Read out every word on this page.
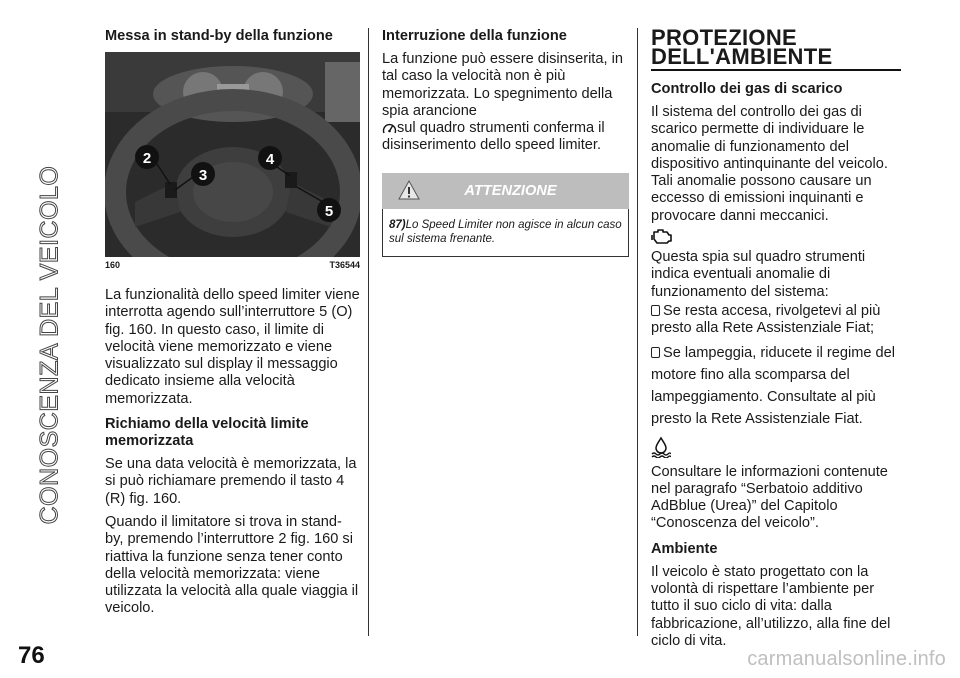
CONOSCENZA DEL VEICOLO
Messa in stand-by della funzione
2
3
4
5
160	T36544

La funzionalità dello speed limiter viene interrotta agendo sull’interruttore 5 (O) fig. 160. In questo caso, il limite di velocità viene memorizzato e viene visualizzato sul display il messaggio dedicato insieme alla velocità memorizzata.

Richiamo della velocità limite memorizzata

Se una data velocità è memorizzata, la si può richiamare premendo il tasto 4 (R) fig. 160.

Quando il limitatore si trova in stand-by, premendo l’interruttore 2 fig. 160 si riattiva la funzione senza tener conto della velocità memorizzata: viene utilizzata la velocità alla quale viaggia il veicolo.

Interruzione della funzione

La funzione può essere disinserita, in tal caso la velocità non è più memorizzata. Lo spegnimento della spia arancione
sul quadro strumenti conferma il disinserimento dello speed limiter.

ATTENZIONE
87)Lo Speed Limiter non agisce in alcun caso sul sistema frenante.
PROTEZIONE DELL'AMBIENTE
Controllo dei gas di scarico

Il sistema del controllo dei gas di scarico permette di individuare le anomalie di funzionamento del dispositivo antinquinante del veicolo. Tali anomalie possono causare un eccesso di emissioni inquinanti e provocare danni meccanici.

Questa spia sul quadro strumenti indica eventuali anomalie di funzionamento del sistema:

Se resta accesa, rivolgetevi al più presto alla Rete Assistenziale Fiat;

Se lampeggia, riducete il regime del motore fino alla scomparsa del lampeggiamento. Consultate al più presto la Rete Assistenziale Fiat.

Consultare le informazioni contenute nel paragrafo “Serbatoio additivo AdBblue (Urea)” del Capitolo “Conoscenza del veicolo”.

Ambiente

Il veicolo è stato progettato con la volontà di rispettare l’ambiente per tutto il suo ciclo di vita: dalla fabbricazione, all’utilizzo, alla fine del ciclo di vita.

76	carmanualsonline.info
